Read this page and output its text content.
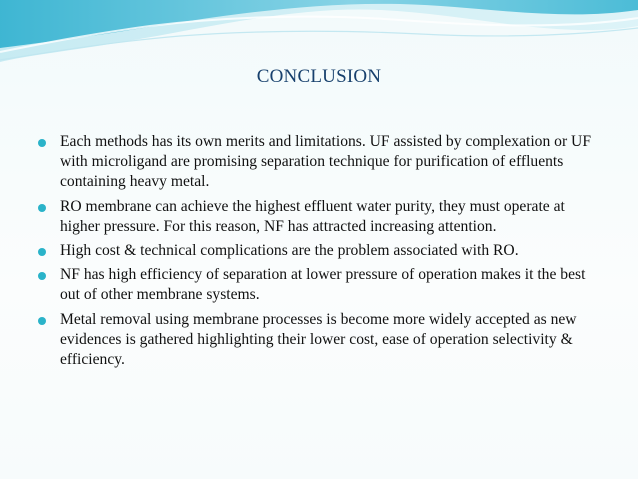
CONCLUSION
Each methods has its own merits and limitations. UF assisted by complexation or UF with microligand are promising separation technique for purification of effluents containing heavy metal.
RO membrane can achieve the highest effluent water purity, they must operate at higher pressure. For this reason, NF has attracted increasing attention.
High cost & technical complications are the problem associated with RO.
NF has high efficiency of separation at lower pressure of operation makes it the best out of other membrane systems.
Metal removal using membrane processes is become more widely accepted as new evidences is gathered highlighting their lower cost, ease of operation selectivity & efficiency.
